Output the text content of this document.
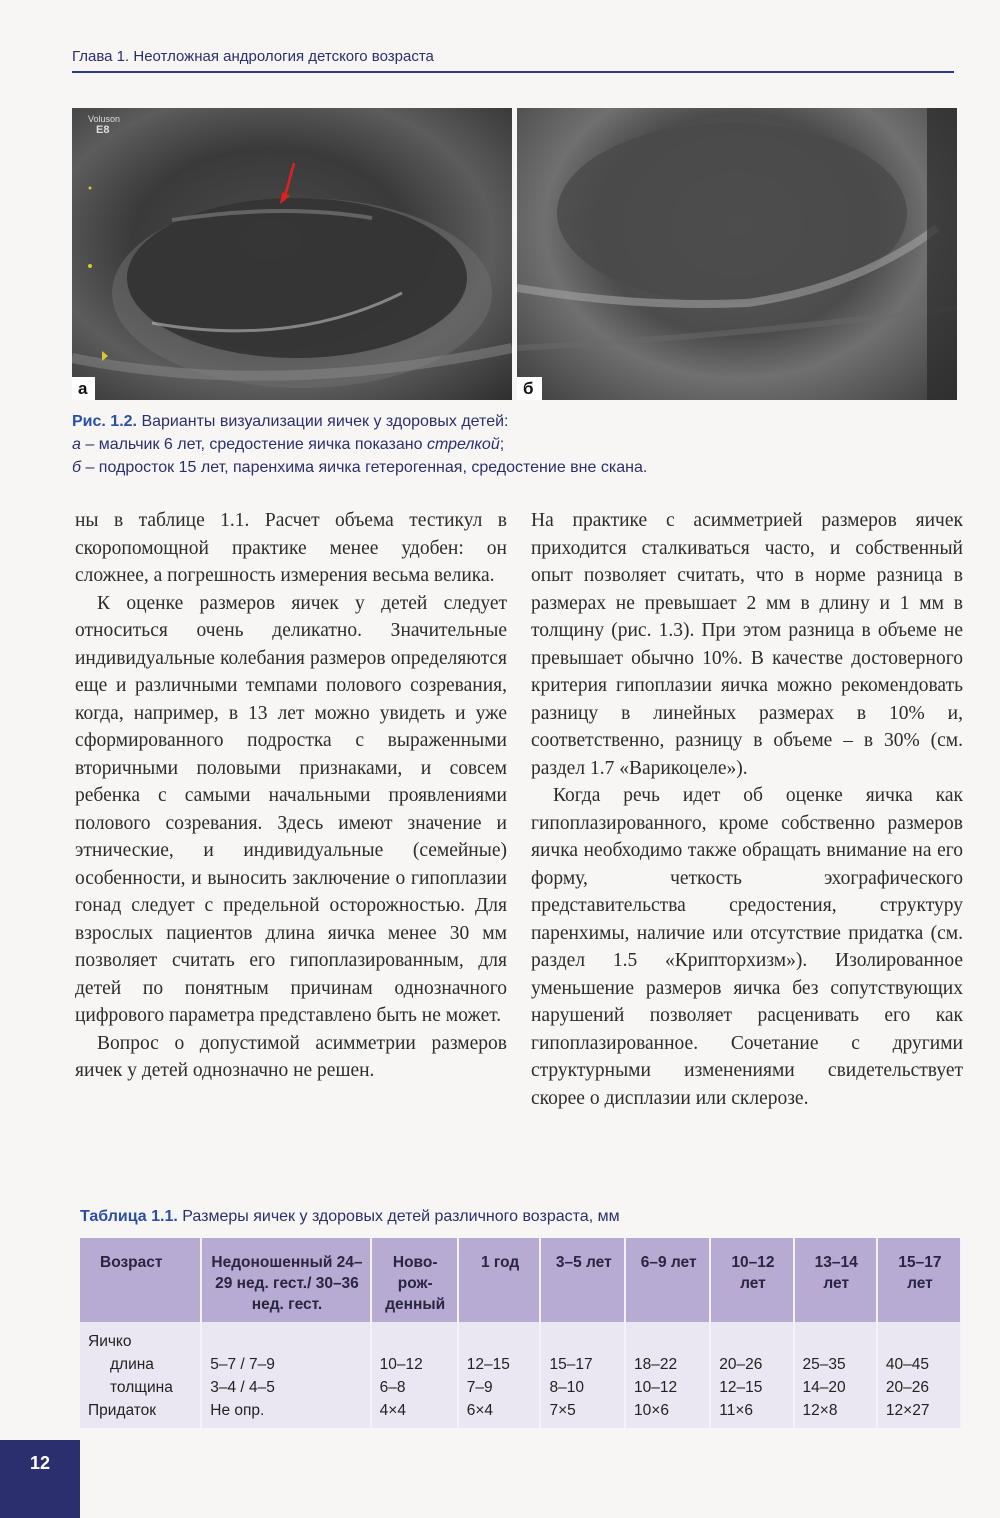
Глава 1. Неотложная андрология детского возраста
Voluson
E8
а	б
Рис. 1.2. Варианты визуализации яичек у здоровых детей:
а – мальчик 6 лет, средостение яичка показано стрелкой;
б – подросток 15 лет, паренхима яичка гетерогенная, средостение вне скана.

ны в таблице 1.1. Расчет объема тестикул в скоропомощной практике менее удобен: он сложнее, а погрешность измерения весьма велика.

К оценке размеров яичек у детей следует относиться очень деликатно. Значительные индивидуальные колебания размеров определяются еще и различными темпами полового созревания, когда, например, в 13 лет можно увидеть и уже сформированного подростка с выраженными вторичными половыми признаками, и совсем ребенка с самыми начальными проявлениями полового созревания. Здесь имеют значение и этнические, и индивидуальные (семейные) особенности, и выносить заключение о гипоплазии гонад следует с предельной осторожностью. Для взрослых пациентов длина яичка менее 30 мм позволяет считать его гипоплазированным, для детей по понятным причинам однозначного цифрового параметра представлено быть не может.

Вопрос о допустимой асимметрии размеров яичек у детей однозначно не решен.

На практике с асимметрией размеров яичек приходится сталкиваться часто, и собственный опыт позволяет считать, что в норме разница в размерах не превышает 2 мм в длину и 1 мм в толщину (рис. 1.3). При этом разница в объеме не превышает обычно 10%. В качестве достоверного критерия гипоплазии яичка можно рекомендовать разницу в линейных размерах в 10% и, соответственно, разницу в объеме – в 30% (см. раздел 1.7 «Варикоцеле»).

Когда речь идет об оценке яичка как гипоплазированного, кроме собственно размеров яичка необходимо также обращать внимание на его форму, четкость эхографического представительства средостения, структуру паренхимы, наличие или отсутствие придатка (см. раздел 1.5 «Крипторхизм»). Изолированное уменьшение размеров яичка без сопутствующих нарушений позволяет расценивать его как гипоплазированное. Сочетание с другими структурными изменениями свидетельствует скорее о дисплазии или склерозе.

Таблица 1.1. Размеры яичек у здоровых детей различного возраста, мм
Возраст	Недоношенный 24–29 нед. гест./ 30–36 нед. гест.	Ново-рож-денный	1 год	3–5 лет	6–9 лет	10–12 лет	13–14 лет	15–17 лет
Яичко								
длина	5–7 / 7–9	10–12	12–15	15–17	18–22	20–26	25–35	40–45
толщина	3–4 / 4–5	6–8	7–9	8–10	10–12	12–15	14–20	20–26
Придаток	Не опр.	4×4	6×4	7×5	10×6	11×6	12×8	12×27
12
